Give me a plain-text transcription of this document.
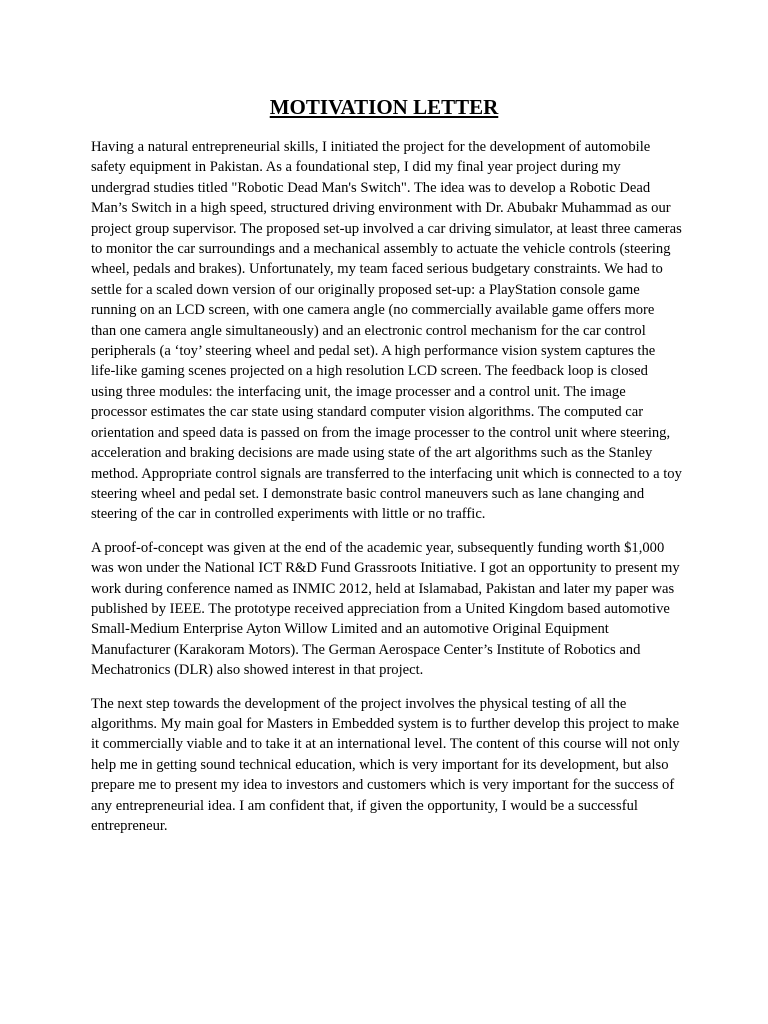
MOTIVATION LETTER

Having a natural entrepreneurial skills, I initiated the project for the development of automobile safety equipment in Pakistan. As a foundational step, I did my final year project during my undergrad studies titled "Robotic Dead Man's Switch". The idea was to develop a Robotic Dead Man’s Switch in a high speed, structured driving environment with Dr. Abubakr Muhammad as our project group supervisor. The proposed set-up involved a car driving simulator, at least three cameras to monitor the car surroundings and a mechanical assembly to actuate the vehicle controls (steering wheel, pedals and brakes). Unfortunately, my team faced serious budgetary constraints. We had to settle for a scaled down version of our originally proposed set-up: a PlayStation console game running on an LCD screen, with one camera angle (no commercially available game offers more than one camera angle simultaneously) and an electronic control mechanism for the car control peripherals (a ‘toy’ steering wheel and pedal set). A high performance vision system captures the life-like gaming scenes projected on a high resolution LCD screen. The feedback loop is closed using three modules: the interfacing unit, the image processer and a control unit. The image processor estimates the car state using standard computer vision algorithms. The computed car orientation and speed data is passed on from the image processer to the control unit where steering, acceleration and braking decisions are made using state of the art algorithms such as the Stanley method. Appropriate control signals are transferred to the interfacing unit which is connected to a toy steering wheel and pedal set. I demonstrate basic control maneuvers such as lane changing and steering of the car in controlled experiments with little or no traffic.

A proof-of-concept was given at the end of the academic year, subsequently funding worth $1,000 was won under the National ICT R&D Fund Grassroots Initiative. I got an opportunity to present my work during conference named as INMIC 2012, held at Islamabad, Pakistan and later my paper was published by IEEE. The prototype received appreciation from a United Kingdom based automotive Small-Medium Enterprise Ayton Willow Limited and an automotive Original Equipment Manufacturer (Karakoram Motors). The German Aerospace Center’s Institute of Robotics and Mechatronics (DLR) also showed interest in that project.

The next step towards the development of the project involves the physical testing of all the algorithms. My main goal for Masters in Embedded system is to further develop this project to make it commercially viable and to take it at an international level. The content of this course will not only help me in getting sound technical education, which is very important for its development, but also prepare me to present my idea to investors and customers which is very important for the success of any entrepreneurial idea. I am confident that, if given the opportunity, I would be a successful entrepreneur.
